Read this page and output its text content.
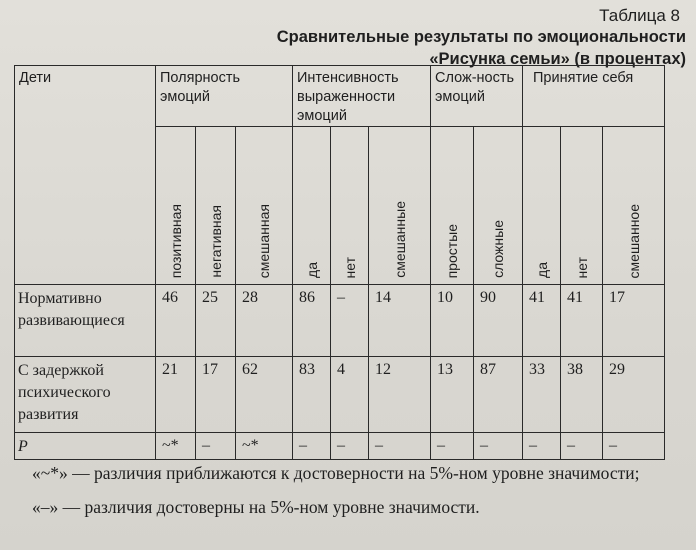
Таблица 8
Сравнительные результаты по эмоциональности
«Рисунка семьи» (в процентах)
Дети	Полярность эмоций			Интенсивность выраженности эмоций			Слож-ность эмоций		Принятие себя		

	позитивная	негативная	смешанная	да	нет	смешанные	простые	сложные	да	нет	смешанное

Нормативно развивающиеся	46	25	28	86	–	14	10	90	41	41	17
С задержкой психического развития	21	17	62	83	4	12	13	87	33	38	29
P	~*	–	~*	–	–	–	–	–	–	–	–

«~*» — различия приближаются к достоверности на 5%-ном уровне значимости;

«–» — различия достоверны на 5%-ном уровне значимости.
